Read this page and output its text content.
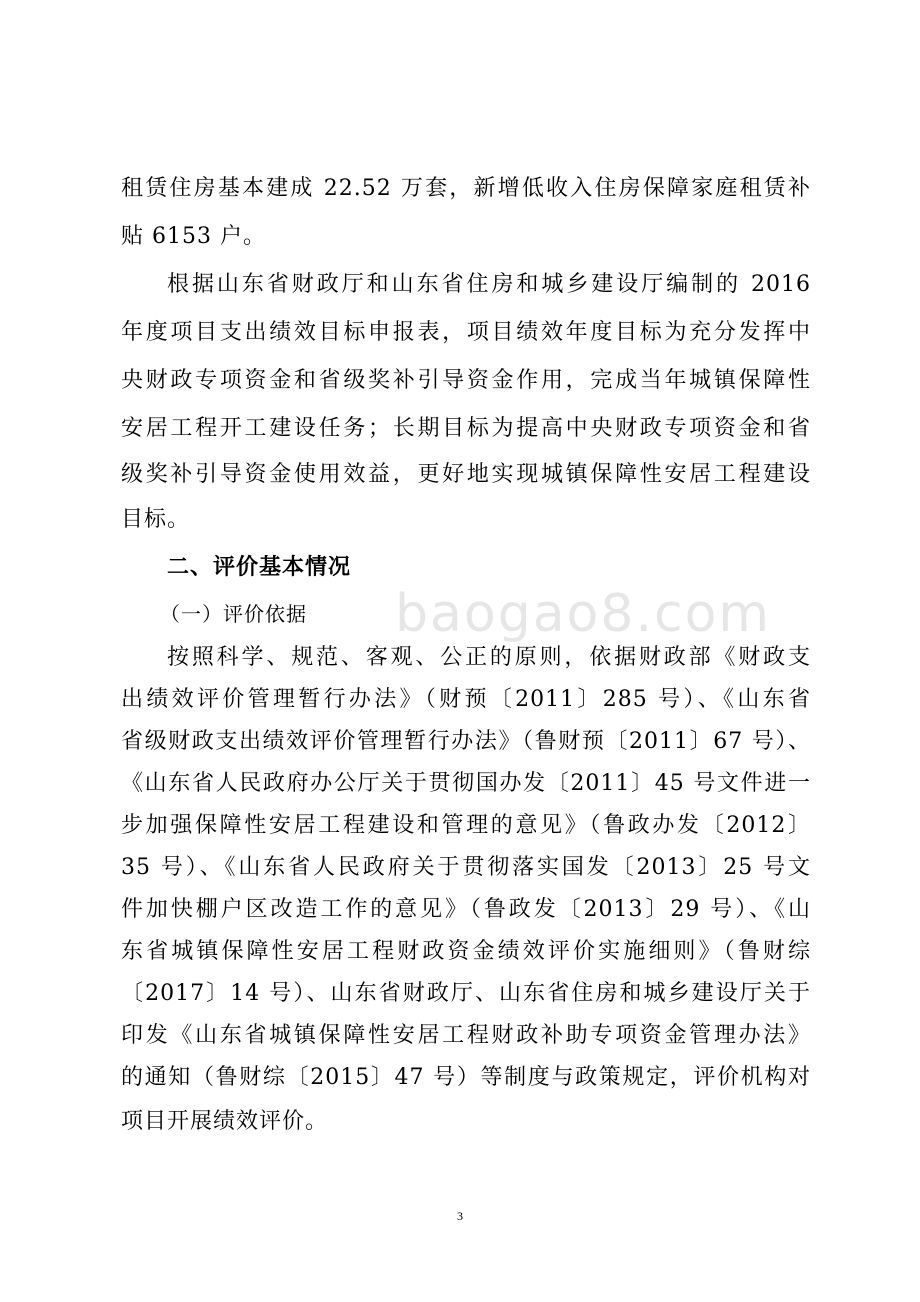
租赁住房基本建成 22.52 万套，新增低收入住房保障家庭租赁补
贴 6153 户。
根据山东省财政厅和山东省住房和城乡建设厅编制的 2016
年度项目支出绩效目标申报表，项目绩效年度目标为充分发挥中
央财政专项资金和省级奖补引导资金作用，完成当年城镇保障性
安居工程开工建设任务；长期目标为提高中央财政专项资金和省
级奖补引导资金使用效益，更好地实现城镇保障性安居工程建设
目标。
二、评价基本情况
（一）评价依据
按照科学、规范、客观、公正的原则，依据财政部《财政支
出绩效评价管理暂行办法》（财预〔2011〕285 号）、《山东省
省级财政支出绩效评价管理暂行办法》（鲁财预〔2011〕67 号）、
《山东省人民政府办公厅关于贯彻国办发〔2011〕45 号文件进一
步加强保障性安居工程建设和管理的意见》（鲁政办发〔2012〕
35 号）、《山东省人民政府关于贯彻落实国发〔2013〕25 号文
件加快棚户区改造工作的意见》（鲁政发〔2013〕29 号）、《山
东省城镇保障性安居工程财政资金绩效评价实施细则》（鲁财综
〔2017〕14 号）、山东省财政厅、山东省住房和城乡建设厅关于
印发《山东省城镇保障性安居工程财政补助专项资金管理办法》
的通知（鲁财综〔2015〕47 号）等制度与政策规定，评价机构对
项目开展绩效评价。
baogao8.com
3
